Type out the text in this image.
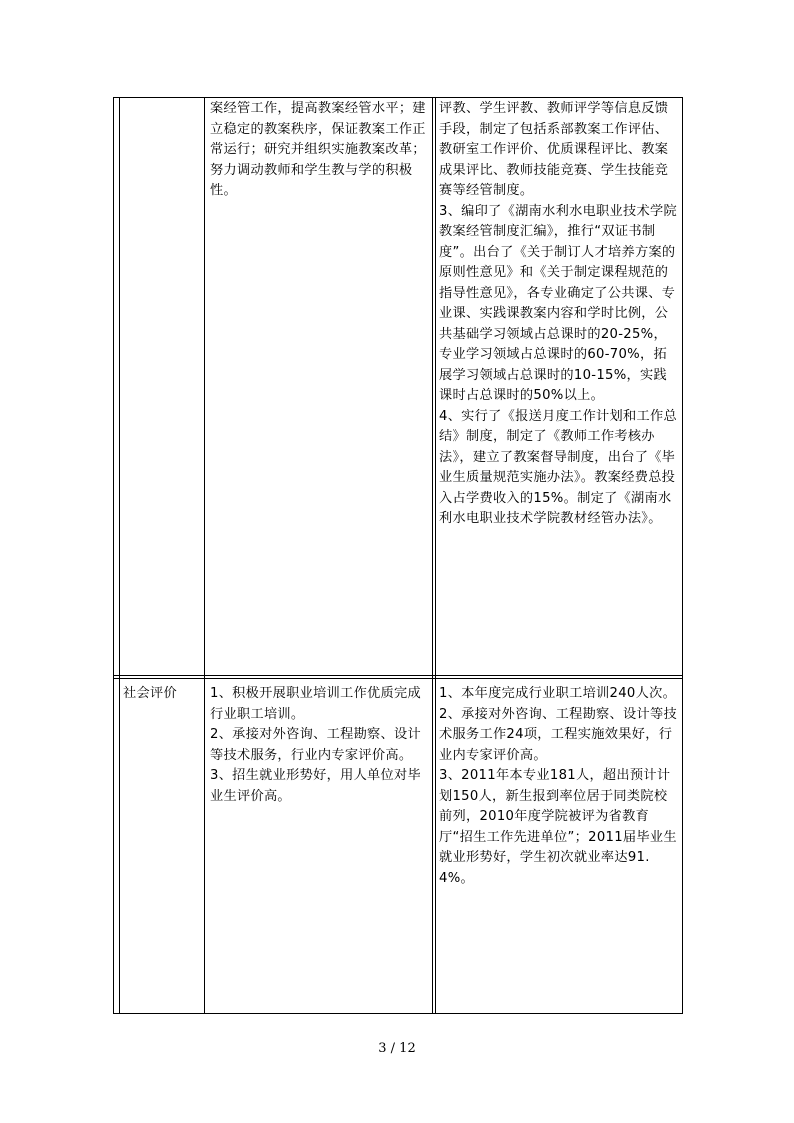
案经管工作，提高教案经管水平；建立稳定的教案秩序，保证教案工作正常运行；研究并组织实施教案改革；努力调动教师和学生教与学的积极性。
评教、学生评教、教师评学等信息反馈手段，制定了包括系部教案工作评估、教研室工作评价、优质课程评比、教案成果评比、教师技能竞赛、学生技能竞赛等经管制度。
3、编印了《湖南水利水电职业技术学院教案经管制度汇编》，推行“双证书制度”。出台了《关于制订人才培养方案的原则性意见》和《关于制定课程规范的指导性意见》，各专业确定了公共课、专业课、实践课教案内容和学时比例，公共基础学习领域占总课时的20-25%，专业学习领域占总课时的60-70%，拓展学习领域占总课时的10-15%，实践课时占总课时的50%以上。
4、实行了《报送月度工作计划和工作总结》制度，制定了《教师工作考核办法》，建立了教案督导制度，出台了《毕业生质量规范实施办法》。教案经费总投入占学费收入的15%。制定了《湖南水利水电职业技术学院教材经管办法》。
社会评价	1、积极开展职业培训工作优质完成行业职工培训。
2、承接对外咨询、工程勘察、设计等技术服务，行业内专家评价高。
3、招生就业形势好，用人单位对毕业生评价高。
1、本年度完成行业职工培训240人次。
2、承接对外咨询、工程勘察、设计等技术服务工作24项，工程实施效果好，行业内专家评价高。
3、2011年本专业181人，超出预计计划150人，新生报到率位居于同类院校前列，2010年度学院被评为省教育厅“招生工作先进单位”；2011届毕业生就业形势好，学生初次就业率达91.4%。
3 / 12
